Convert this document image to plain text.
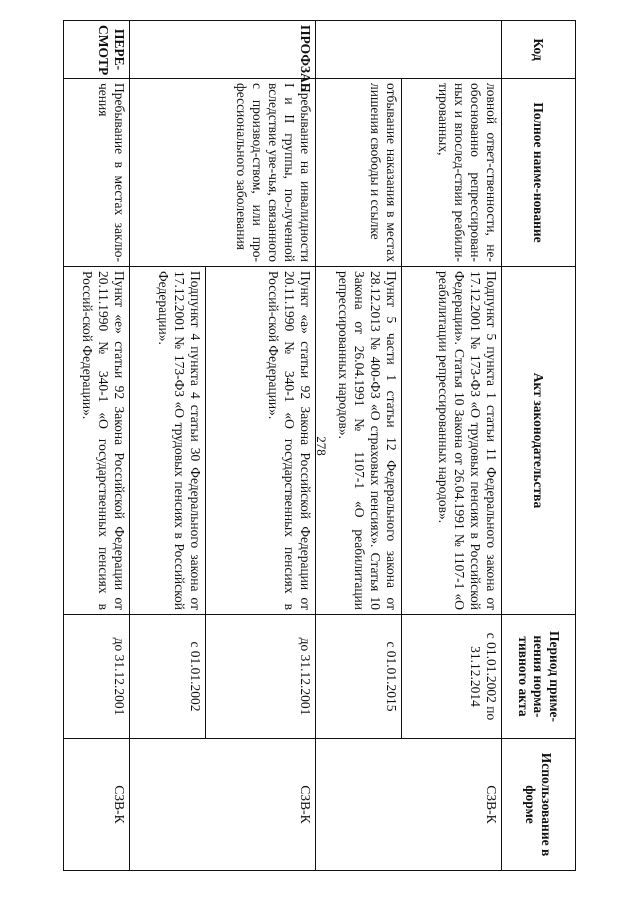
278
Код	Полное наиме-нование	Акт законодательства	Период приме-нения норма-тивного акта	Использование в форме
	ловной ответ-ственности, не-обоснованно репрессирован-ных и впослед-ствии реабили-тированных,	Подпункт 5 пункта 1 статьи 11 Федерального закона от 17.12.2001 № 173-ФЗ «О трудовых пенсиях в Российской Федерации». Статья 10 Закона от 26.04.1991 № 1107-1 «О реабилитации репрессированных народов».	с 01.01.2002 по 31.12.2014	СЗВ-К
	отбывание наказания в местах лишения свободы и ссылке	Пункт 5 части 1 статьи 12 Федерального закона от 28.12.2013 № 400-ФЗ «О страховых пенсиях». Статья 10 Закона от 26.04.1991 № 1107-1 «О реабилитации репрессированных народов».	с 01.01.2015	
ПРОФЗАБ	Пребывание на инвалидности I и II группы, по-лученной вследствие уве-чья, связанного с производ-ством, или про-фессионального заболевания	Пункт «а» статьи 92 Закона Российской Федерации от 20.11.1990 № 340-1 «О государственных пенсиях в Россий-ской Федерации».	до 31.12.2001	СЗВ-К
		Подпункт 4 пункта 4 статьи 30 Федерального закона от 17.12.2001 № 173-ФЗ «О трудовых пенсиях в Российской Федерации».	с 01.01.2002	
ПЕРЕ-СМОТР	Пребывание в местах заклю-чения	Пункт «е» статьи 92 Закона Российской Федерации от 20.11.1990 № 340-1 «О государственных пенсиях в Россий-ской Федерации».	до 31.12.2001	СЗВ-К
